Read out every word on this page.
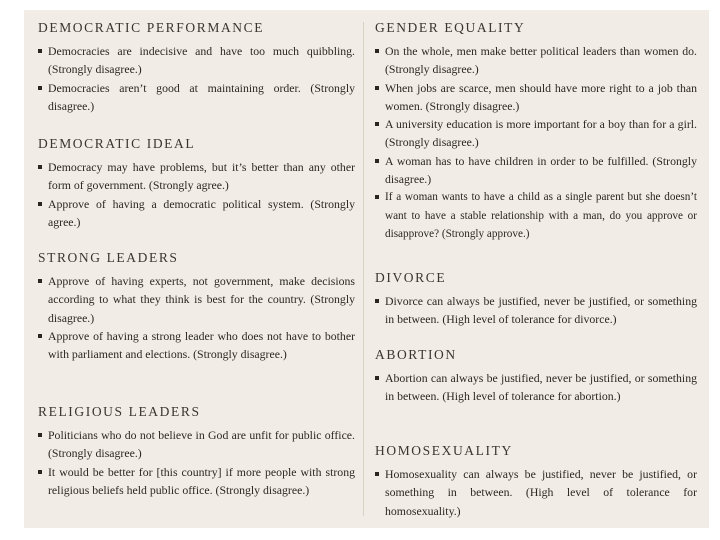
DEMOCRATIC PERFORMANCE
Democracies are indecisive and have too much quibbling. (Strongly disagree.)
Democracies aren’t good at maintaining order. (Strongly disagree.)
DEMOCRATIC IDEAL
Democracy may have problems, but it’s better than any other form of government. (Strongly agree.)
Approve of having a democratic political system. (Strongly agree.)
STRONG LEADERS
Approve of having experts, not government, make decisions according to what they think is best for the country. (Strongly disagree.)
Approve of having a strong leader who does not have to bother with parliament and elections. (Strongly disagree.)
RELIGIOUS LEADERS
Politicians who do not believe in God are unfit for public office. (Strongly disagree.)
It would be better for [this country] if more people with strong religious beliefs held public office. (Strongly disagree.)
GENDER EQUALITY
On the whole, men make better political leaders than women do. (Strongly disagree.)
When jobs are scarce, men should have more right to a job than women. (Strongly disagree.)
A university education is more important for a boy than for a girl. (Strongly disagree.)
A woman has to have children in order to be fulfilled. (Strongly disagree.)
If a woman wants to have a child as a single parent but she doesn’t want to have a stable relationship with a man, do you approve or disapprove? (Strongly approve.)
DIVORCE
Divorce can always be justified, never be justified, or something in between. (High level of tolerance for divorce.)
ABORTION
Abortion can always be justified, never be justified, or something in between. (High level of tolerance for abortion.)
HOMOSEXUALITY
Homosexuality can always be justified, never be justified, or something in between. (High level of tolerance for homosexuality.)
